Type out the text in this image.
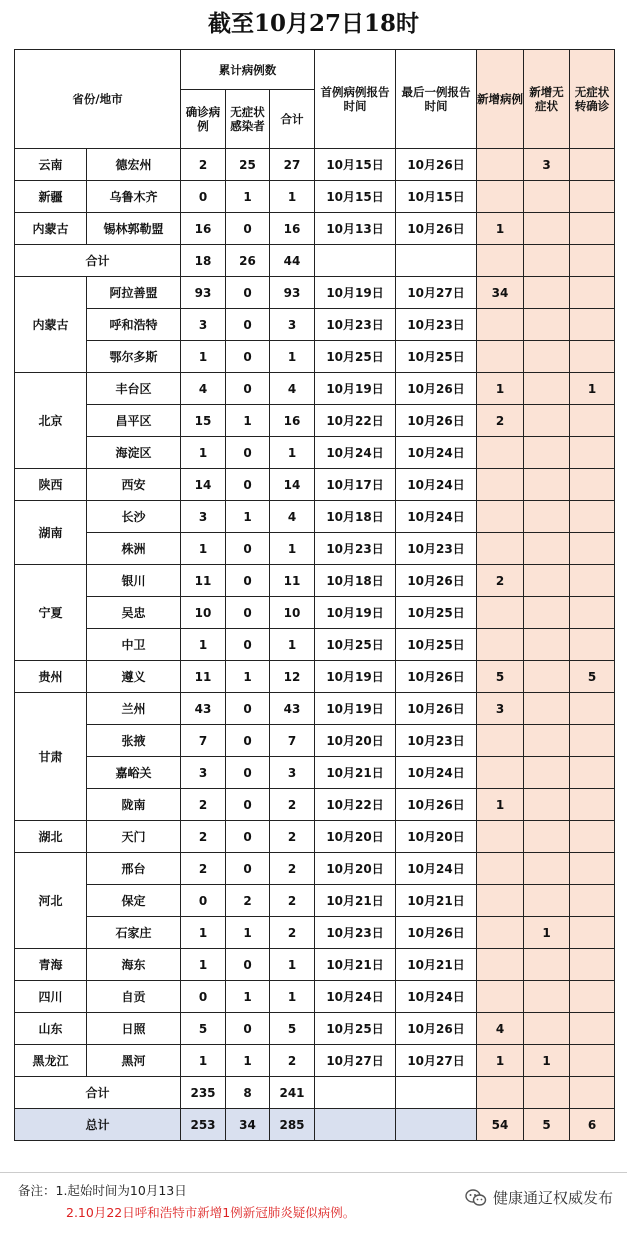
截至10月27日18时
省份/地市		累计病例数			首例病例报告时间	最后一例报告时间	新增病例	新增无症状	无症状转确诊
		确诊病例	无症状感染者	合计					
云南	德宏州	2	25	27	10月15日	10月26日		3	
新疆	乌鲁木齐	0	1	1	10月15日	10月15日			
内蒙古	锡林郭勒盟	16	0	16	10月13日	10月26日	1		
合计		18	26	44					
内蒙古	阿拉善盟	93	0	93	10月19日	10月27日	34		
	呼和浩特	3	0	3	10月23日	10月23日			
	鄂尔多斯	1	0	1	10月25日	10月25日			
北京	丰台区	4	0	4	10月19日	10月26日	1		1
	昌平区	15	1	16	10月22日	10月26日	2		
	海淀区	1	0	1	10月24日	10月24日			
陕西	西安	14	0	14	10月17日	10月24日			
湖南	长沙	3	1	4	10月18日	10月24日			
	株洲	1	0	1	10月23日	10月23日			
宁夏	银川	11	0	11	10月18日	10月26日	2		
	吴忠	10	0	10	10月19日	10月25日			
	中卫	1	0	1	10月25日	10月25日			
贵州	遵义	11	1	12	10月19日	10月26日	5		5
甘肃	兰州	43	0	43	10月19日	10月26日	3		
	张掖	7	0	7	10月20日	10月23日			
	嘉峪关	3	0	3	10月21日	10月24日			
	陇南	2	0	2	10月22日	10月26日	1		
湖北	天门	2	0	2	10月20日	10月20日			
河北	邢台	2	0	2	10月20日	10月24日			
	保定	0	2	2	10月21日	10月21日			
	石家庄	1	1	2	10月23日	10月26日		1	
青海	海东	1	0	1	10月21日	10月21日			
四川	自贡	0	1	1	10月24日	10月24日			
山东	日照	5	0	5	10月25日	10月26日	4		
黑龙江	黑河	1	1	2	10月27日	10月27日	1	1	
合计		235	8	241					
总计		253	34	285			54	5	6
备注：1.起始时间为10月13日
2.10月22日呼和浩特市新增1例新冠肺炎疑似病例。
健康通辽权威发布
